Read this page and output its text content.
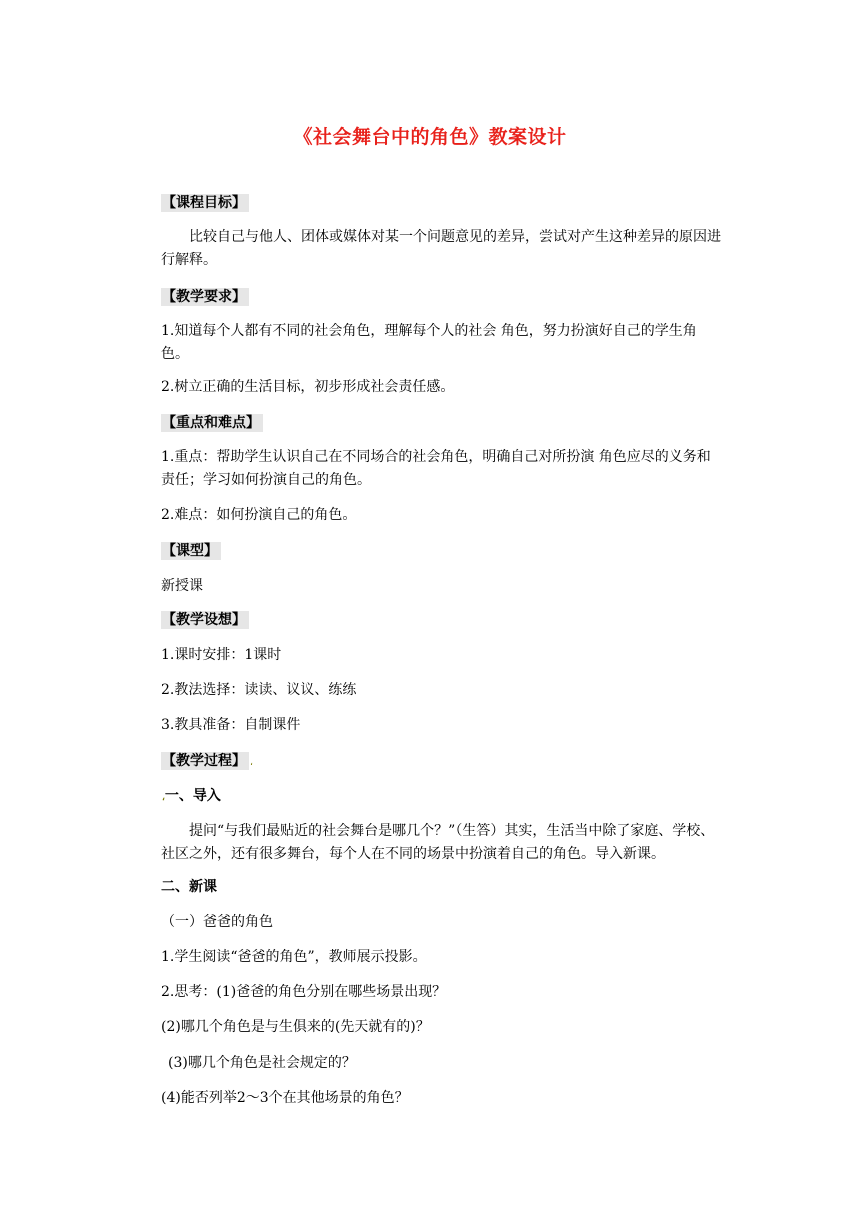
《社会舞台中的角色》教案设计
【课程目标】
比较自己与他人、团体或媒体对某一个问题意见的差异，尝试对产生这种差异的原因进行解释。
【教学要求】
1.知道每个人都有不同的社会角色，理解每个人的社会 角色，努力扮演好自己的学生角色。
2.树立正确的生活目标，初步形成社会责任感。
【重点和难点】
1.重点：帮助学生认识自己在不同场合的社会角色，明确自己对所扮演 角色应尽的义务和责任；学习如何扮演自己的角色。
2.难点：如何扮演自己的角色。
【课型】
新授课
【教学设想】
1.课时安排：1课时
2.教法选择：读读、议议、练练
3.教具准备：自制课件
【教学过程】 ،
،一、导入
提问“与我们最贴近的社会舞台是哪几个？”（生答）其实，生活当中除了家庭、学校、社区之外，还有很多舞台，每个人在不同的场景中扮演着自己的角色。导入新课。
二、新课
（一）爸爸的角色
1.学生阅读“爸爸的角色”，教师展示投影。
2.思考：(1)爸爸的角色分别在哪些场景出现？
(2)哪几个角色是与生俱来的(先天就有的)？
(3)哪几个角色是社会规定的？
(4)能否列举2～3个在其他场景的角色？
